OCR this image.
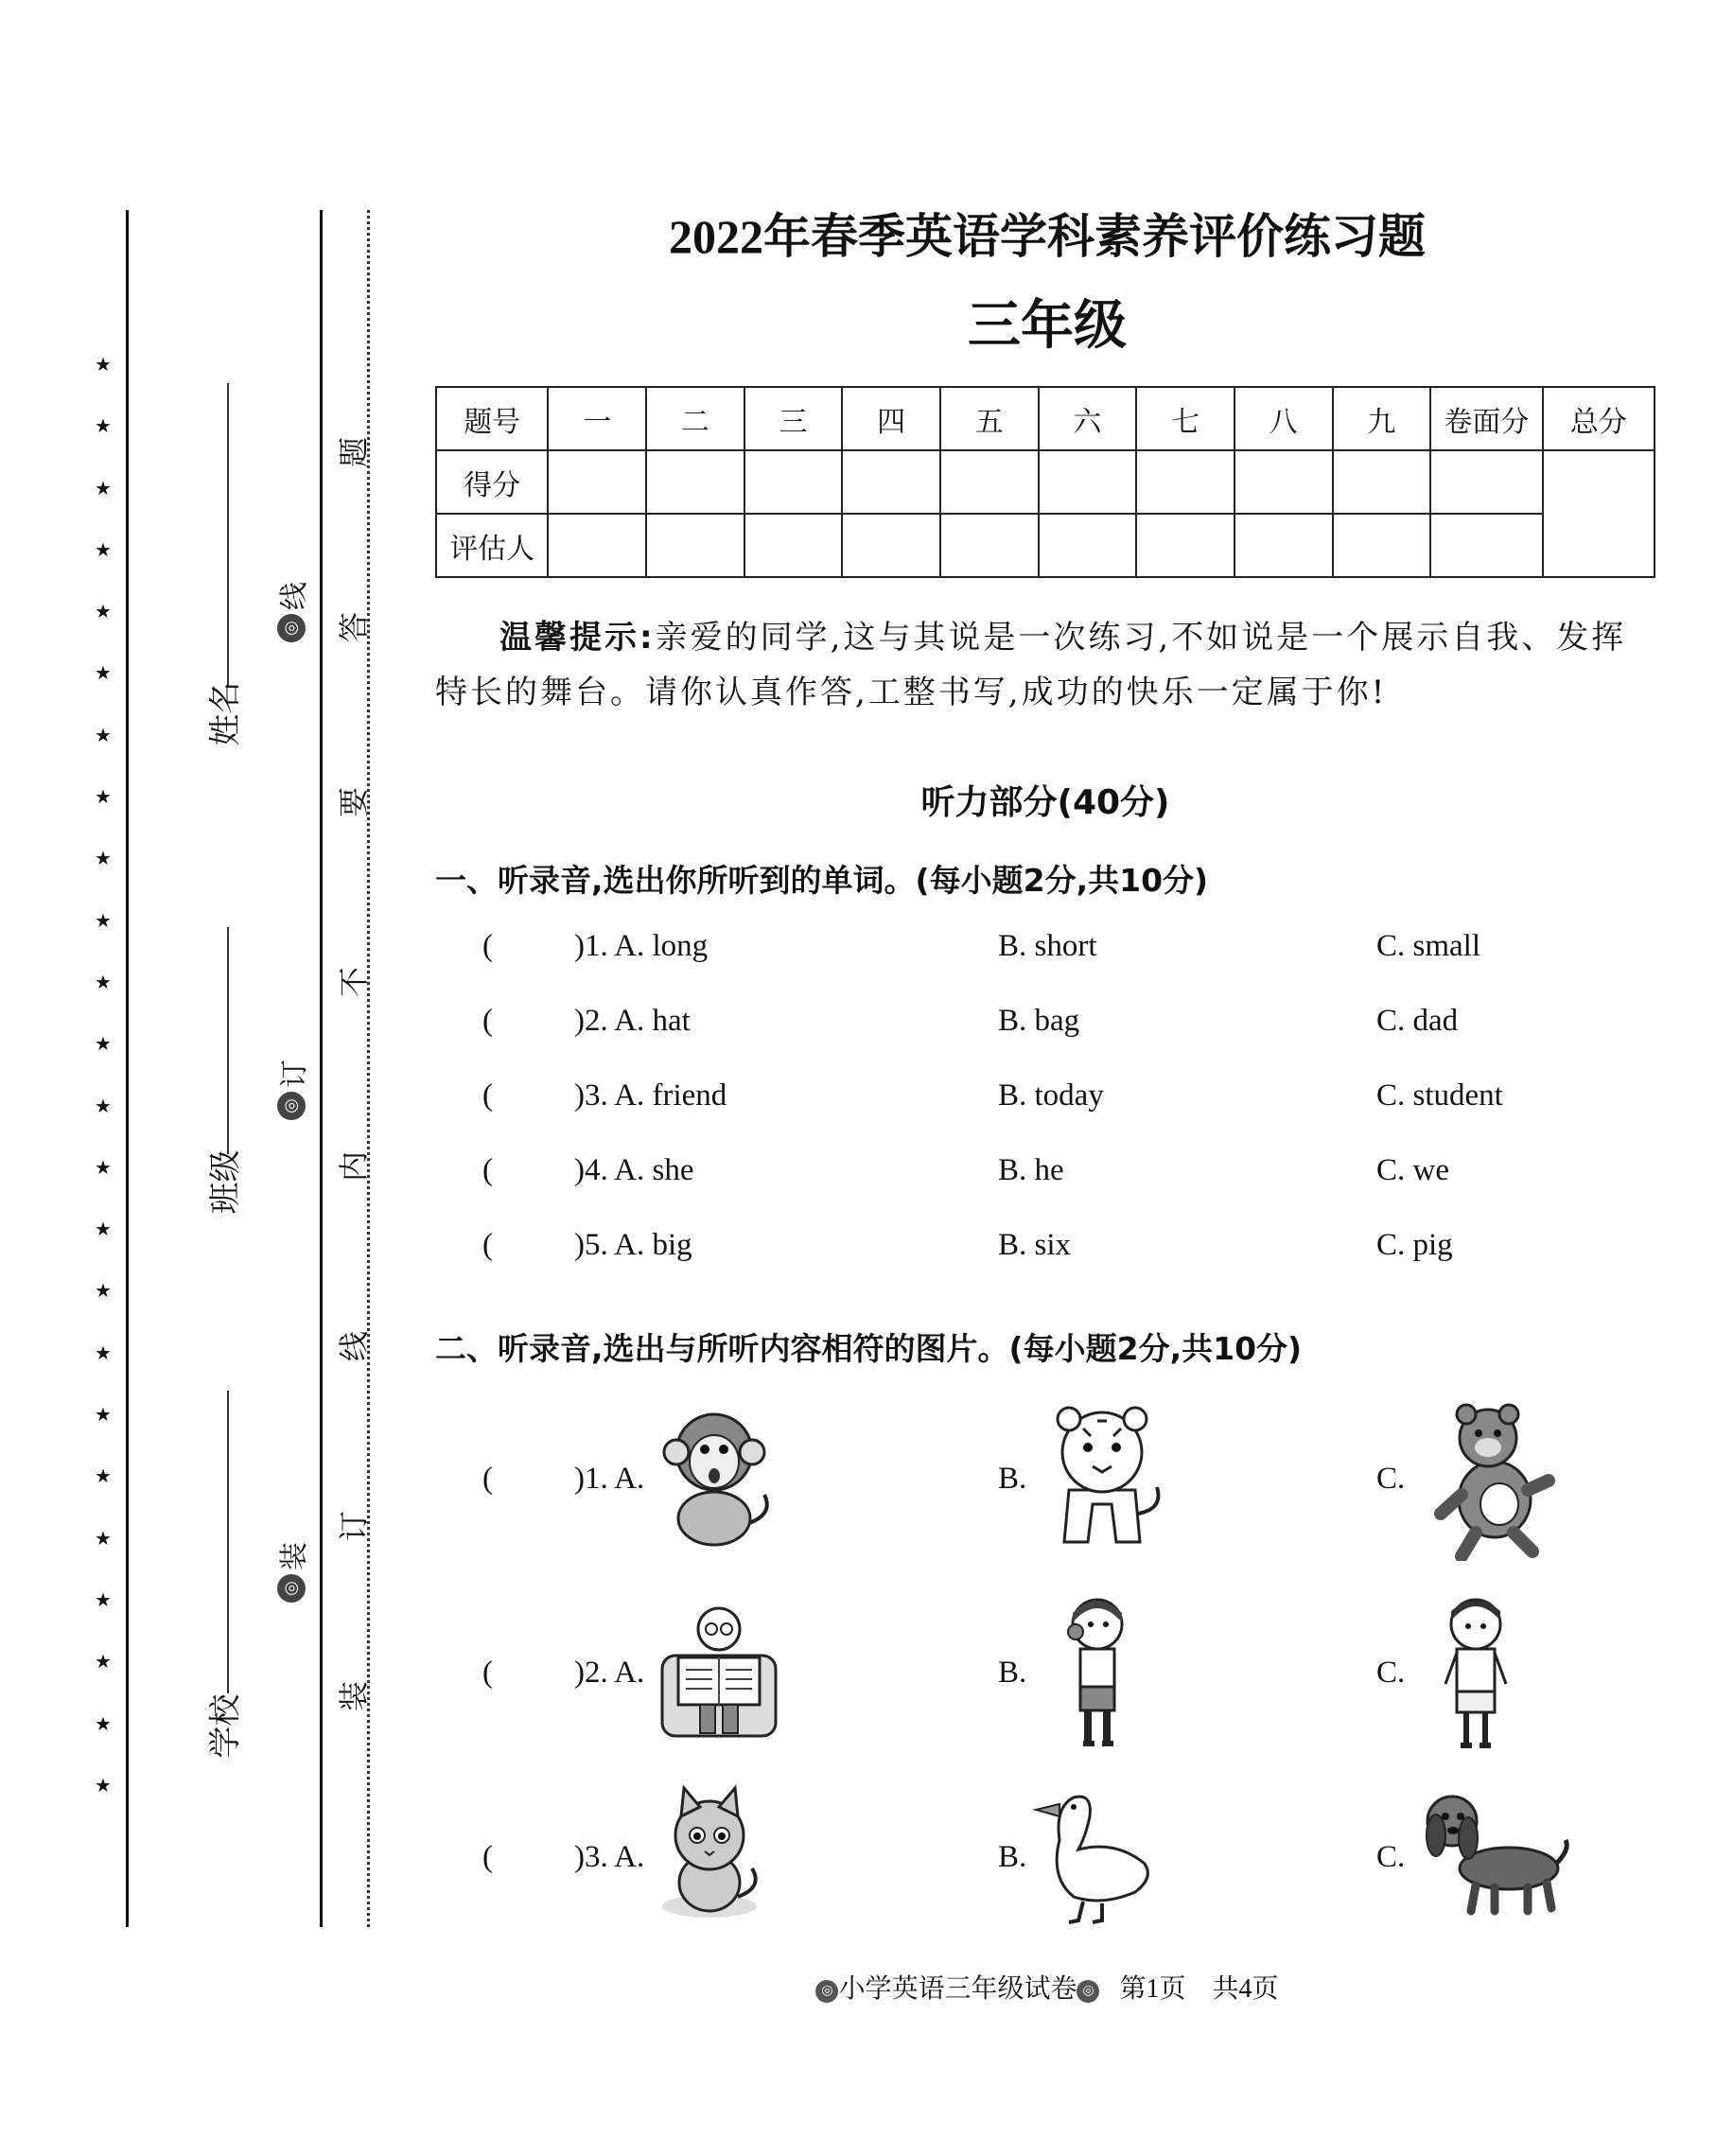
★
★
★
★
★
★
★
★
★
★
★
★
★
★
★
★
★
★
★
★
★
★
★
★
姓名
班级
学校
◎
线
◎
订
◎
装
题
答
要
不
内
线
订
装
2022年春季英语学科素养评价练习题
三年级
题号	一	二	三	四	五	六	七	八	九	卷面分	总分
得分											
评估人											
温馨提示:亲爱的同学,这与其说是一次练习,不如说是一个展示自我、发挥特长的舞台。请你认真作答,工整书写,成功的快乐一定属于你!
听力部分(40分)
一、听录音,选出你所听到的单词。(每小题2分,共10分)
(	)1. A. long	B. short	C. small
(	)2. A. hat	B. bag	C. dad
(	)3. A. friend	B. today	C. student
(	)4. A. she	B. he	C. we
(	)5. A. big	B. six	C. pig
二、听录音,选出与所听内容相符的图片。(每小题2分,共10分)
(	)1. A.	B.	C.
(	)2. A.	B.	C.
(	)3. A.	B.	C.
◎ 小学英语三年级试卷 ◎ 第1页 共4页
